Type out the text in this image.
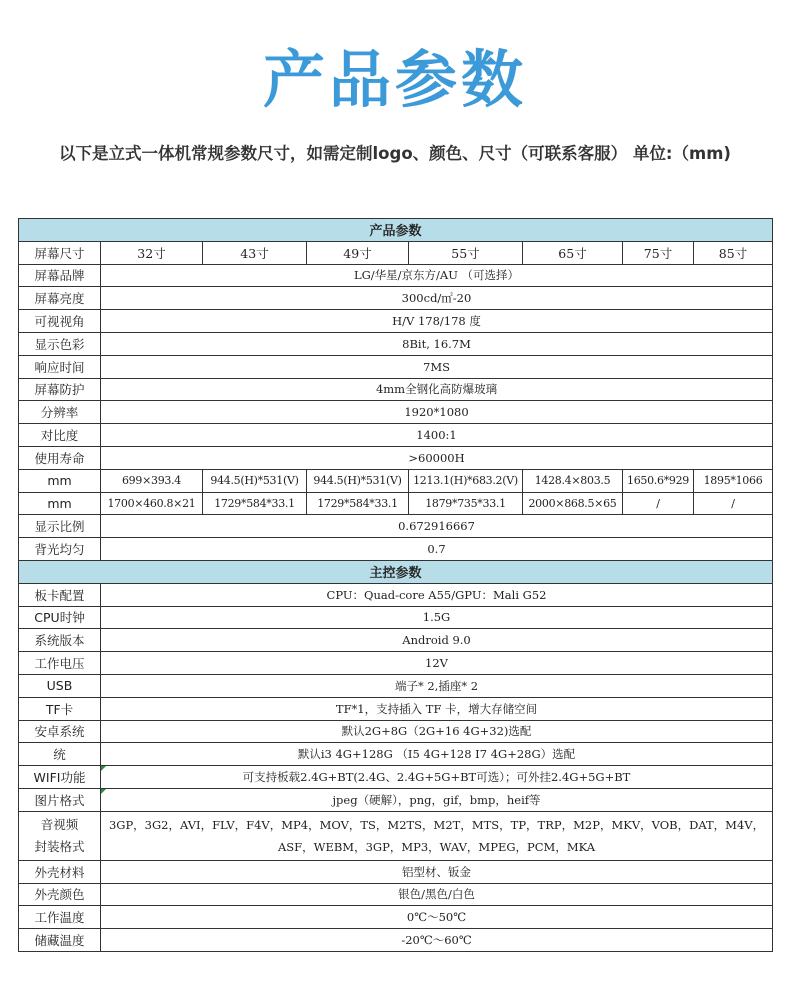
产品参数
以下是立式一体机常规参数尺寸，如需定制logo、颜色、尺寸（可联系客服） 单位:（mm)
产品参数							
屏幕尺寸	32寸	43寸	49寸	55寸	65寸	75寸	85寸
屏幕品牌	LG/华星/京东方/AU （可选择）						
屏幕亮度	300cd/㎡-20						
可视视角	H/V 178/178 度						
显示色彩	8Bit, 16.7M						
响应时间	7MS						
屏幕防护	4mm全钢化高防爆玻璃						
分辨率	1920*1080						
对比度	1400:1						
使用寿命	>60000H						
mm	699×393.4	944.5(H)*531(V)	944.5(H)*531(V)	1213.1(H)*683.2(V)	1428.4×803.5	1650.6*929	1895*1066
mm	1700×460.8×21	1729*584*33.1	1729*584*33.1	1879*735*33.1	2000×868.5×65	/	/
显示比例	0.672916667						
背光均匀	0.7						
主控参数							
板卡配置	CPU：Quad-core A55/GPU：Mali G52						
CPU时钟	1.5G						
系统版本	Android 9.0						
工作电压	12V						
USB	端子* 2,插座* 2						
TF卡	TF*1，支持插入 TF 卡，增大存储空间						
安卓系统	默认2G+8G（2G+16 4G+32)选配						
统	默认i3 4G+128G （I5 4G+128 I7 4G+28G）选配						
WIFI功能	可支持板载2.4G+BT(2.4G、2.4G+5G+BT可选）；可外挂2.4G+5G+BT						
图片格式	jpeg（硬解），png，gif，bmp，heif等						

音视频
封装格式	3GP，3G2，AVI，FLV，F4V，MP4，MOV，TS，M2TS，M2T，MTS，TP，TRP，M2P，MKV，VOB，DAT，M4V，ASF，WEBM，3GP，MP3，WAV，MPEG，PCM，MKA						
外壳材料	铝型材、钣金						
外壳颜色	银色/黑色/白色						
工作温度	0℃～50℃						
储藏温度	-20℃～60℃						
